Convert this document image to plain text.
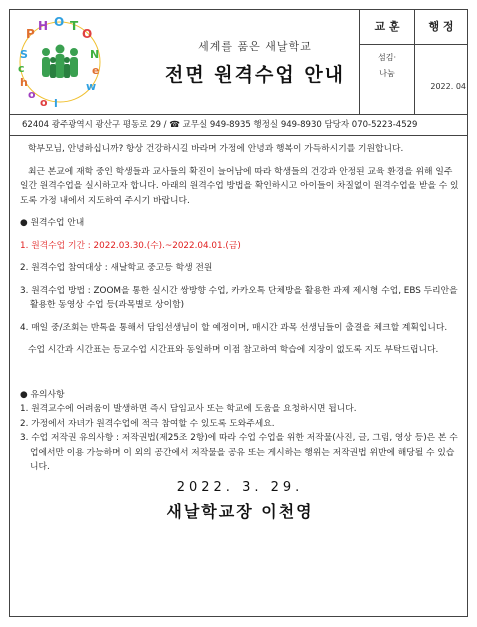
P
H O T
O
S
c
h
o
o l
N
e
w
세계를 품은 새날학교
전면 원격수업 안내
교 훈	행 정
섬김·
나눔
2022. 04
62404 광주광역시 광산구 평동로 29 / ☎ 교무실 949-8935 행정실 949-8930 담당자 070-5223-4529

학부모님, 안녕하십니까? 항상 건강하시길 바라며 가정에 안녕과 행복이 가득하시기를 기원합니다.

최근 본교에 재학 중인 학생들과 교사들의 확진이 늘어남에 따라 학생들의 건강과 안정된 교육 환경을 위해 일주일간 원격수업을 실시하고자 합니다. 아래의 원격수업 방법을 확인하시고 아이들이 차질없이 원격수업을 받을 수 있도록 가정 내에서 지도하여 주시기 바랍니다.

● 원격수업 안내

1. 원격수업 기간 : 2022.03.30.(수).~2022.04.01.(금)

2. 원격수업 참여대상 : 새날학교 중고등 학생 전원

3. 원격수업 방법 : ZOOM을 통한 실시간 쌍방향 수업, 카카오톡 단체방을 활용한 과제 제시형 수업, EBS 두리안을 활용한 동영상 수업 등(과목별로 상이함)

4. 매일 중/조회는 반톡을 통해서 담임선생님이 할 예정이며, 매시간 과목 선생님들이 출결을 체크할 계획입니다.

수업 시간과 시간표는 등교수업 시간표와 동일하며 이점 참고하여 학습에 지장이 없도록 지도 부탁드립니다.

● 유의사항

1. 원격교수에 어려움이 발생하면 즉시 담임교사 또는 학교에 도움을 요청하시면 됩니다.

2. 가정에서 자녀가 원격수업에 적극 참여할 수 있도록 도와주세요.

3. 수업 저작권 유의사항 : 저작권법(제25조 2항)에 따라 수업 수업을 위한 저작물(사진, 글, 그림, 영상 등)은 본 수업에서만 이용 가능하며 이 외의 공간에서 저작물을 공유 또는 게시하는 행위는 저작권법 위반에 해당될 수 있습니다.

2022. 3. 29.
새날학교장 이천영
